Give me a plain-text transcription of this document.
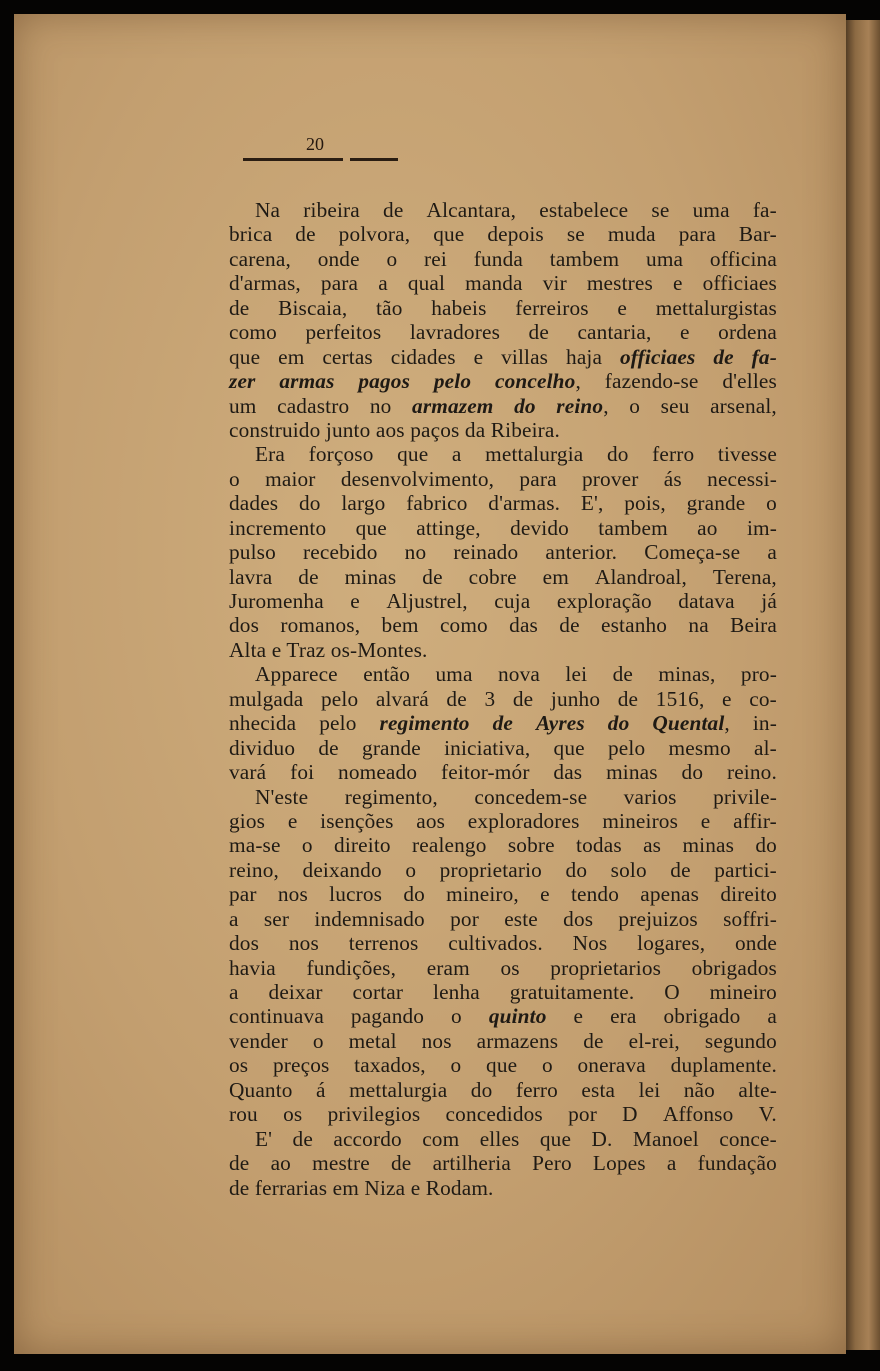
20
Na ribeira de Alcantara, estabelece se uma fa-
brica de polvora, que depois se muda para Bar-
carena, onde o rei funda tambem uma officina
d'armas, para a qual manda vir mestres e officiaes
de Biscaia, tão habeis ferreiros e mettalurgistas
como perfeitos lavradores de cantaria, e ordena
que em certas cidades e villas haja officiaes de fa-
zer armas pagos pelo concelho, fazendo-se d'elles
um cadastro no armazem do reino, o seu arsenal,
construido junto aos paços da Ribeira.
Era forçoso que a mettalurgia do ferro tivesse
o maior desenvolvimento, para prover ás necessi-
dades do largo fabrico d'armas. E', pois, grande o
incremento que attinge, devido tambem ao im-
pulso recebido no reinado anterior. Começa-se a
lavra de minas de cobre em Alandroal, Terena,
Juromenha e Aljustrel, cuja exploração datava já
dos romanos, bem como das de estanho na Beira
Alta e Traz os-Montes.
Apparece então uma nova lei de minas, pro-
mulgada pelo alvará de 3 de junho de 1516, e co-
nhecida pelo regimento de Ayres do Quental, in-
dividuo de grande iniciativa, que pelo mesmo al-
vará foi nomeado feitor-mór das minas do reino.
N'este regimento, concedem-se varios privile-
gios e isenções aos exploradores mineiros e affir-
ma-se o direito realengo sobre todas as minas do
reino, deixando o proprietario do solo de partici-
par nos lucros do mineiro, e tendo apenas direito
a ser indemnisado por este dos prejuizos soffri-
dos nos terrenos cultivados. Nos logares, onde
havia fundições, eram os proprietarios obrigados
a deixar cortar lenha gratuitamente. O mineiro
continuava pagando o quinto e era obrigado a
vender o metal nos armazens de el-rei, segundo
os preços taxados, o que o onerava duplamente.
Quanto á mettalurgia do ferro esta lei não alte-
rou os privilegios concedidos por D Affonso V.
E' de accordo com elles que D. Manoel conce-
de ao mestre de artilheria Pero Lopes a fundação
de ferrarias em Niza e Rodam.
